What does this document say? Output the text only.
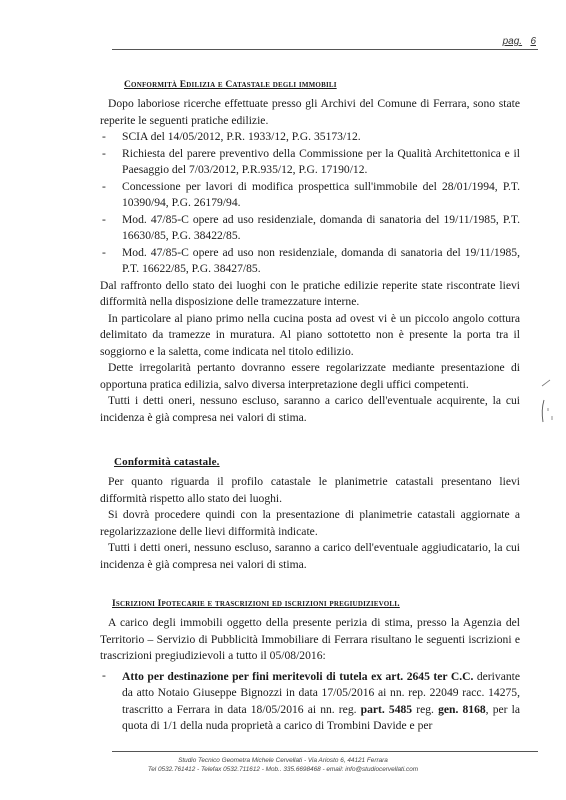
pag. 6
Conformità Edilizia e Catastale degli immobili

Dopo laboriose ricerche effettuate presso gli Archivi del Comune di Ferrara, sono state reperite le seguenti pratiche edilizie.

- SCIA del 14/05/2012, P.R. 1933/12, P.G. 35173/12.
- Richiesta del parere preventivo della Commissione per la Qualità Architettonica e il Paesaggio del 7/03/2012, P.R.935/12, P.G. 17190/12.
- Concessione per lavori di modifica prospettica sull'immobile del 28/01/1994, P.T. 10390/94, P.G. 26179/94.
- Mod. 47/85-C opere ad uso residenziale, domanda di sanatoria del 19/11/1985, P.T. 16630/85, P.G. 38422/85.
- Mod. 47/85-C opere ad uso non residenziale, domanda di sanatoria del 19/11/1985, P.T. 16622/85, P.G. 38427/85.

Dal raffronto dello stato dei luoghi con le pratiche edilizie reperite state riscontrate lievi difformità nella disposizione delle tramezzature interne.

In particolare al piano primo nella cucina posta ad ovest vi è un piccolo angolo cottura delimitato da tramezze in muratura. Al piano sottotetto non è presente la porta tra il soggiorno e la saletta, come indicata nel titolo edilizio.

Dette irregolarità pertanto dovranno essere regolarizzate mediante presentazione di opportuna pratica edilizia, salvo diversa interpretazione degli uffici competenti.

Tutti i detti oneri, nessuno escluso, saranno a carico dell'eventuale acquirente, la cui incidenza è già compresa nei valori di stima.

Conformità catastale.

Per quanto riguarda il profilo catastale le planimetrie catastali presentano lievi difformità rispetto allo stato dei luoghi.

Si dovrà procedere quindi con la presentazione di planimetrie catastali aggiornate a regolarizzazione delle lievi difformità indicate.

Tutti i detti oneri, nessuno escluso, saranno a carico dell'eventuale aggiudicatario, la cui incidenza è già compresa nei valori di stima.

Iscrizioni Ipotecarie e trascrizioni ed iscrizioni pregiudizievoli.

A carico degli immobili oggetto della presente perizia di stima, presso la Agenzia del Territorio – Servizio di Pubblicità Immobiliare di Ferrara risultano le seguenti iscrizioni e trascrizioni pregiudizievoli a tutto il 05/08/2016:

- Atto per destinazione per fini meritevoli di tutela ex art. 2645 ter C.C. derivante da atto Notaio Giuseppe Bignozzi in data 17/05/2016 ai nn. rep. 22049 racc. 14275, trascritto a Ferrara in data 18/05/2016 ai nn. reg. part. 5485 reg. gen. 8168, per la quota di 1/1 della nuda proprietà a carico di Trombini Davide e per

Studio Tecnico Geometra Michele Cervellati - Via Ariosto 6, 44121 Ferrara
Tel 0532.761412 - Telefax 0532.711612 - Mob.. 335.6698468 - email: info@studiocervellati.com
